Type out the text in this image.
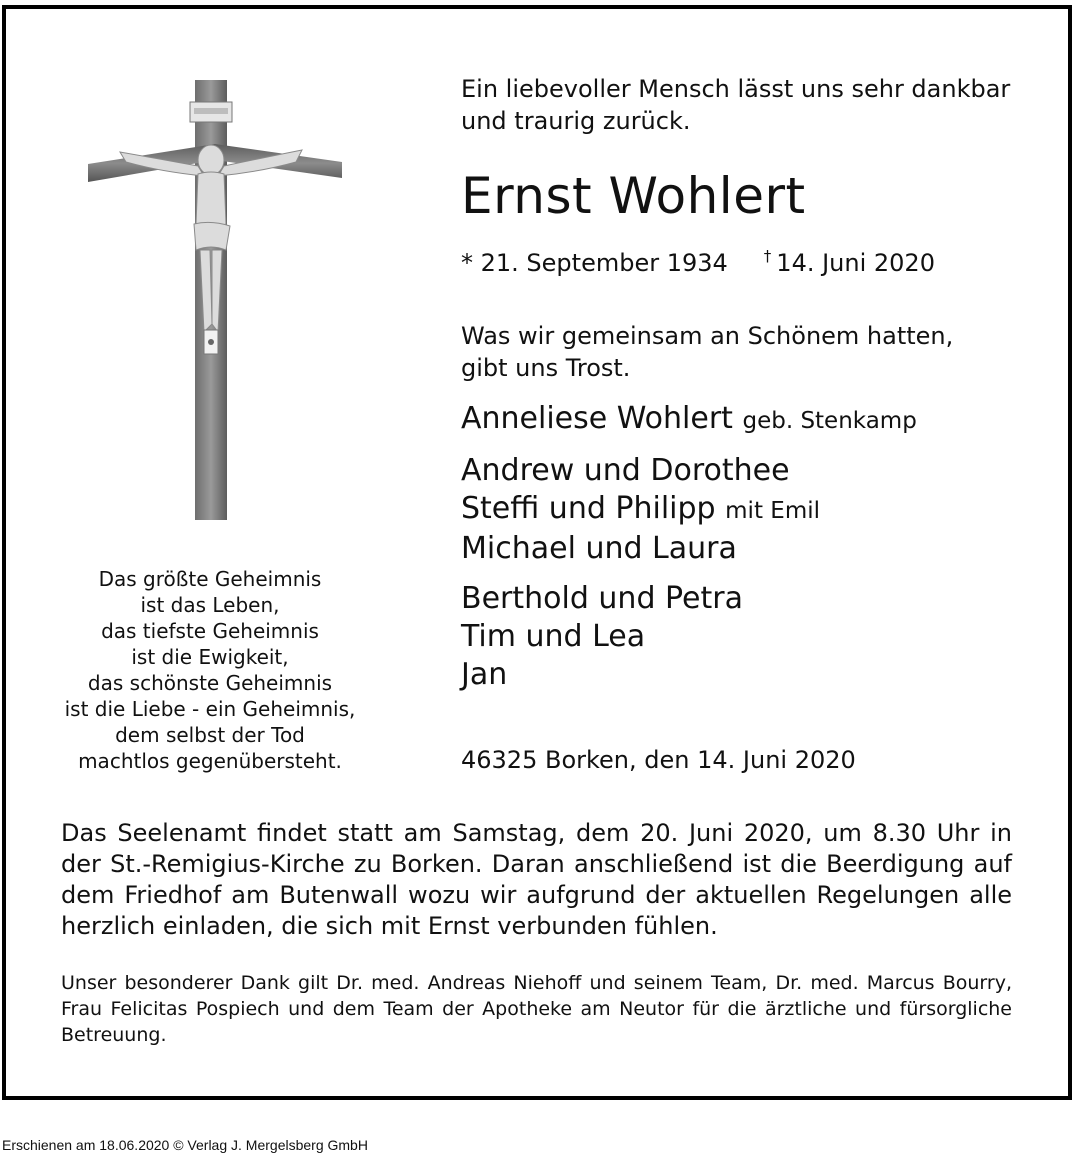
Das größte Geheimnis
ist das Leben,
das tiefste Geheimnis
ist die Ewigkeit,
das schönste Geheimnis
ist die Liebe - ein Geheimnis,
dem selbst der Tod
machtlos gegenübersteht.
Ein liebevoller Mensch lässt uns sehr dankbar
und traurig zurück.
Ernst Wohlert
* 21. September 1934 † 14. Juni 2020
Was wir gemeinsam an Schönem hatten,
gibt uns Trost.
Anneliese Wohlert geb. Stenkamp
Andrew und Dorothee
Steffi und Philipp mit Emil
Michael und Laura
Berthold und Petra
Tim und Lea
Jan
46325 Borken, den 14. Juni 2020
Das Seelenamt findet statt am Samstag, dem 20. Juni 2020, um 8.30 Uhr in der St.-Remigius-Kirche zu Borken. Daran anschließend ist die Beerdigung auf dem Friedhof am Butenwall wozu wir aufgrund der aktuellen Regelungen alle herzlich einladen, die sich mit Ernst verbunden fühlen.
Unser besonderer Dank gilt Dr. med. Andreas Niehoff und seinem Team, Dr. med. Marcus Bourry, Frau Felicitas Pospiech und dem Team der Apotheke am Neutor für die ärztliche und fürsorgliche Betreuung.
Erschienen am 18.06.2020 © Verlag J. Mergelsberg GmbH
